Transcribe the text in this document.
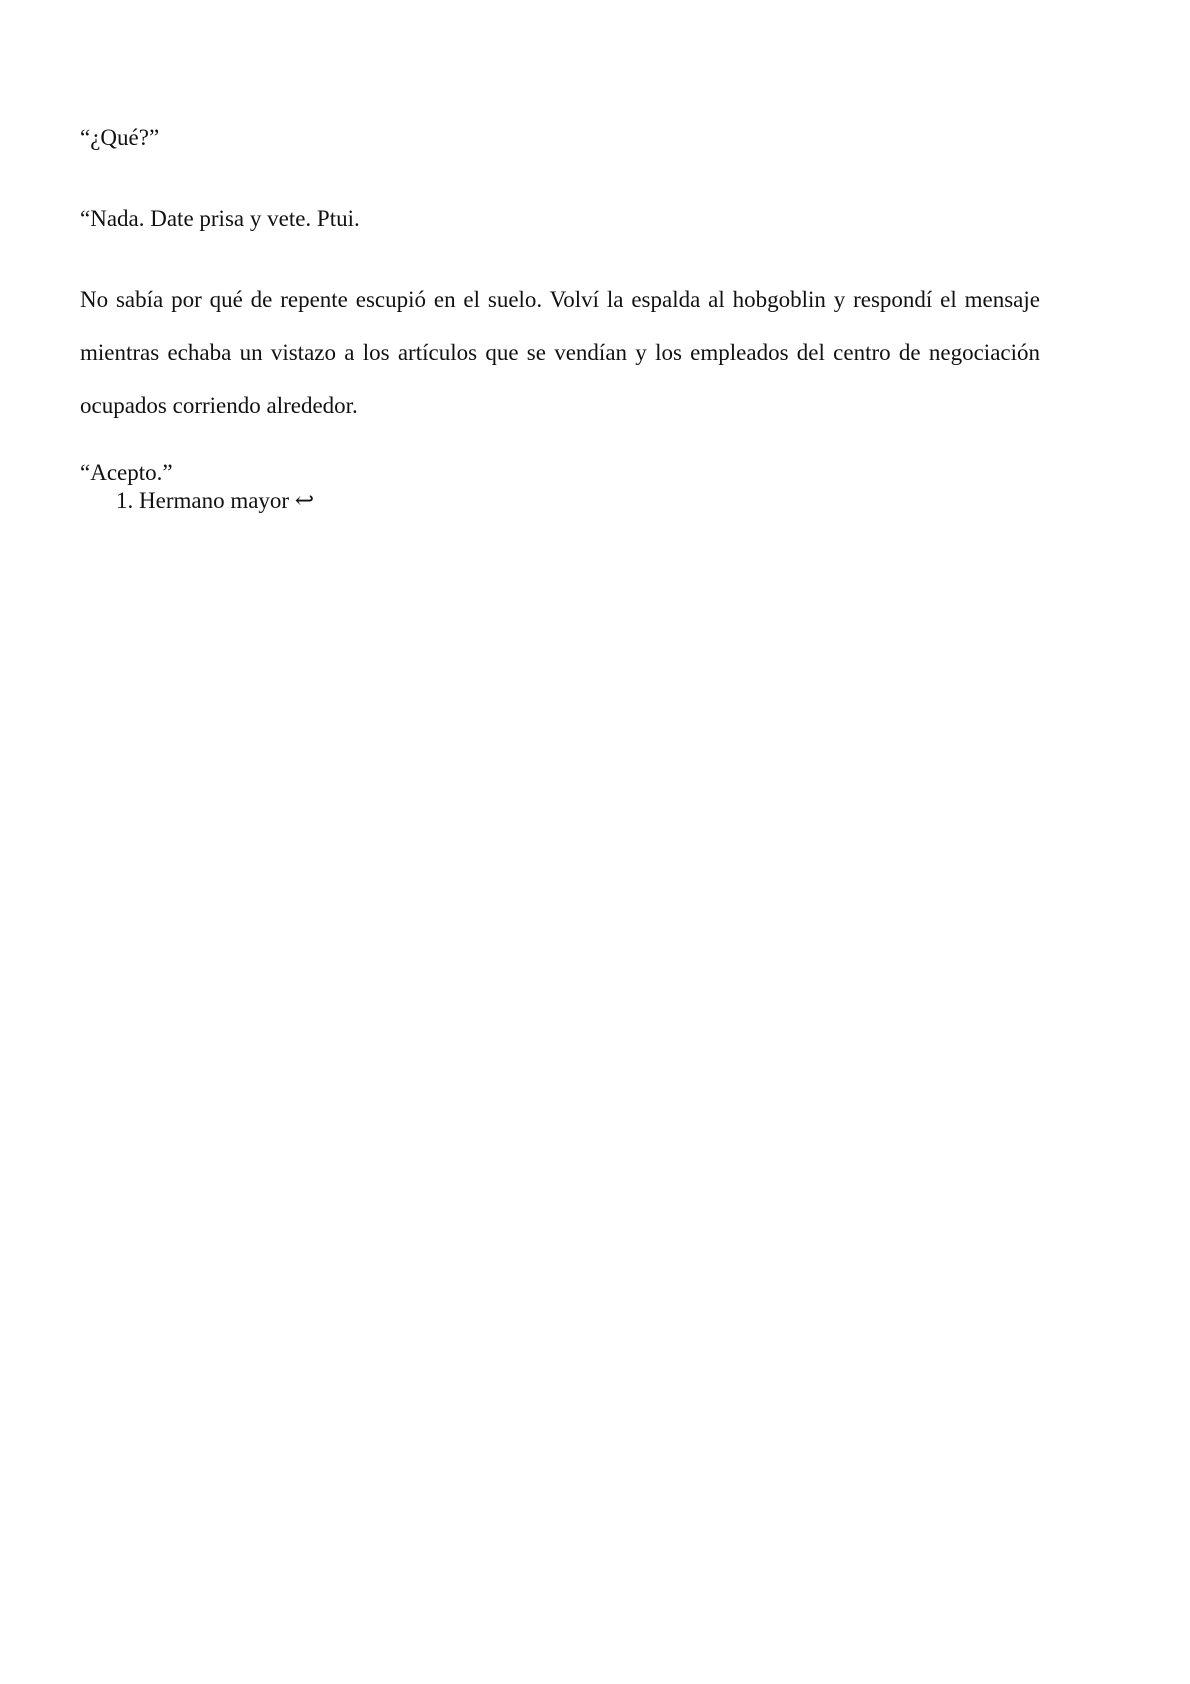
“¿Qué?”

“Nada. Date prisa y vete. Ptui.

No sabía por qué de repente escupió en el suelo. Volví la espalda al hobgoblin y respondí el mensaje mientras echaba un vistazo a los artículos que se vendían y los empleados del centro de negociación ocupados corriendo alrededor.

“Acepto.”

1. Hermano mayor ↩
